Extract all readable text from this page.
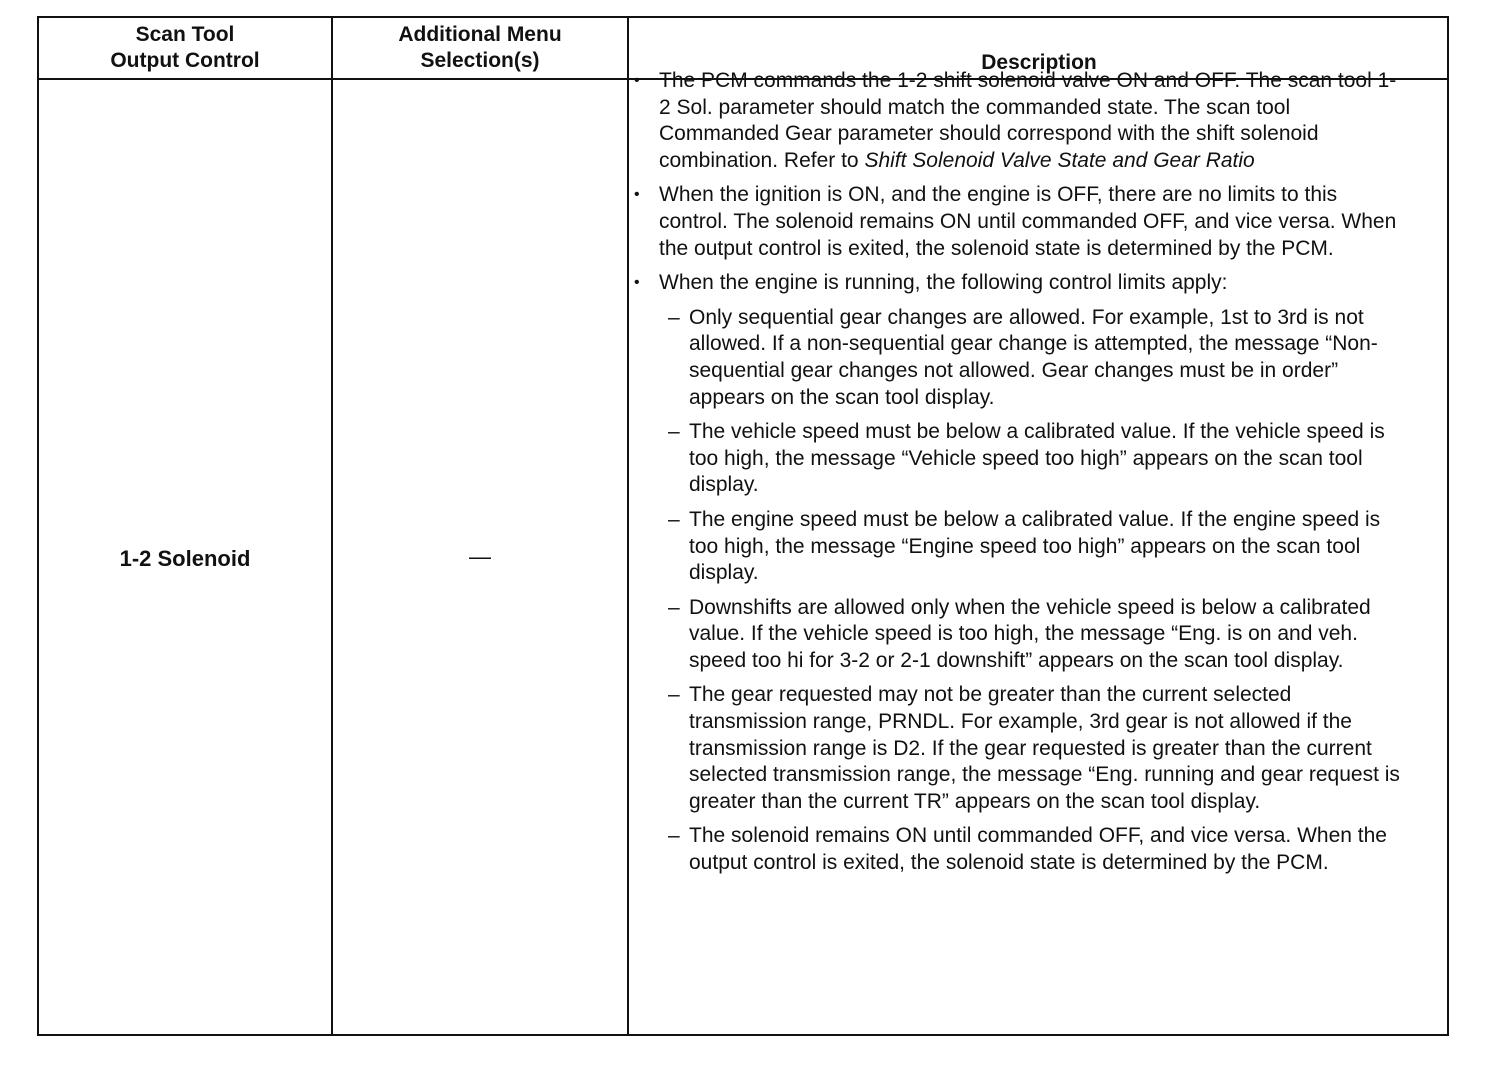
Scan Tool
Output Control
Additional Menu
Selection(s)	Description
1-2 Solenoid	—
• The PCM commands the 1-2 shift solenoid valve ON and OFF. The scan tool 1-2 Sol. parameter should match the commanded state. The scan tool Commanded Gear parameter should correspond with the shift solenoid combination. Refer to Shift Solenoid Valve State and Gear Ratio
• When the ignition is ON, and the engine is OFF, there are no limits to this control. The solenoid remains ON until commanded OFF, and vice versa. When the output control is exited, the solenoid state is determined by the PCM.
• When the engine is running, the following control limits apply:
– Only sequential gear changes are allowed. For example, 1st to 3rd is not allowed. If a non-sequential gear change is attempted, the message “Non-sequential gear changes not allowed. Gear changes must be in order” appears on the scan tool display.
– The vehicle speed must be below a calibrated value. If the vehicle speed is too high, the message “Vehicle speed too high” appears on the scan tool display.
– The engine speed must be below a calibrated value. If the engine speed is too high, the message “Engine speed too high” appears on the scan tool display.
– Downshifts are allowed only when the vehicle speed is below a calibrated value. If the vehicle speed is too high, the message “Eng. is on and veh. speed too hi for 3-2 or 2-1 downshift” appears on the scan tool display.
– The gear requested may not be greater than the current selected transmission range, PRNDL. For example, 3rd gear is not allowed if the transmission range is D2. If the gear requested is greater than the current selected transmission range, the message “Eng. running and gear request is greater than the current TR” appears on the scan tool display.
– The solenoid remains ON until commanded OFF, and vice versa. When the output control is exited, the solenoid state is determined by the PCM.
